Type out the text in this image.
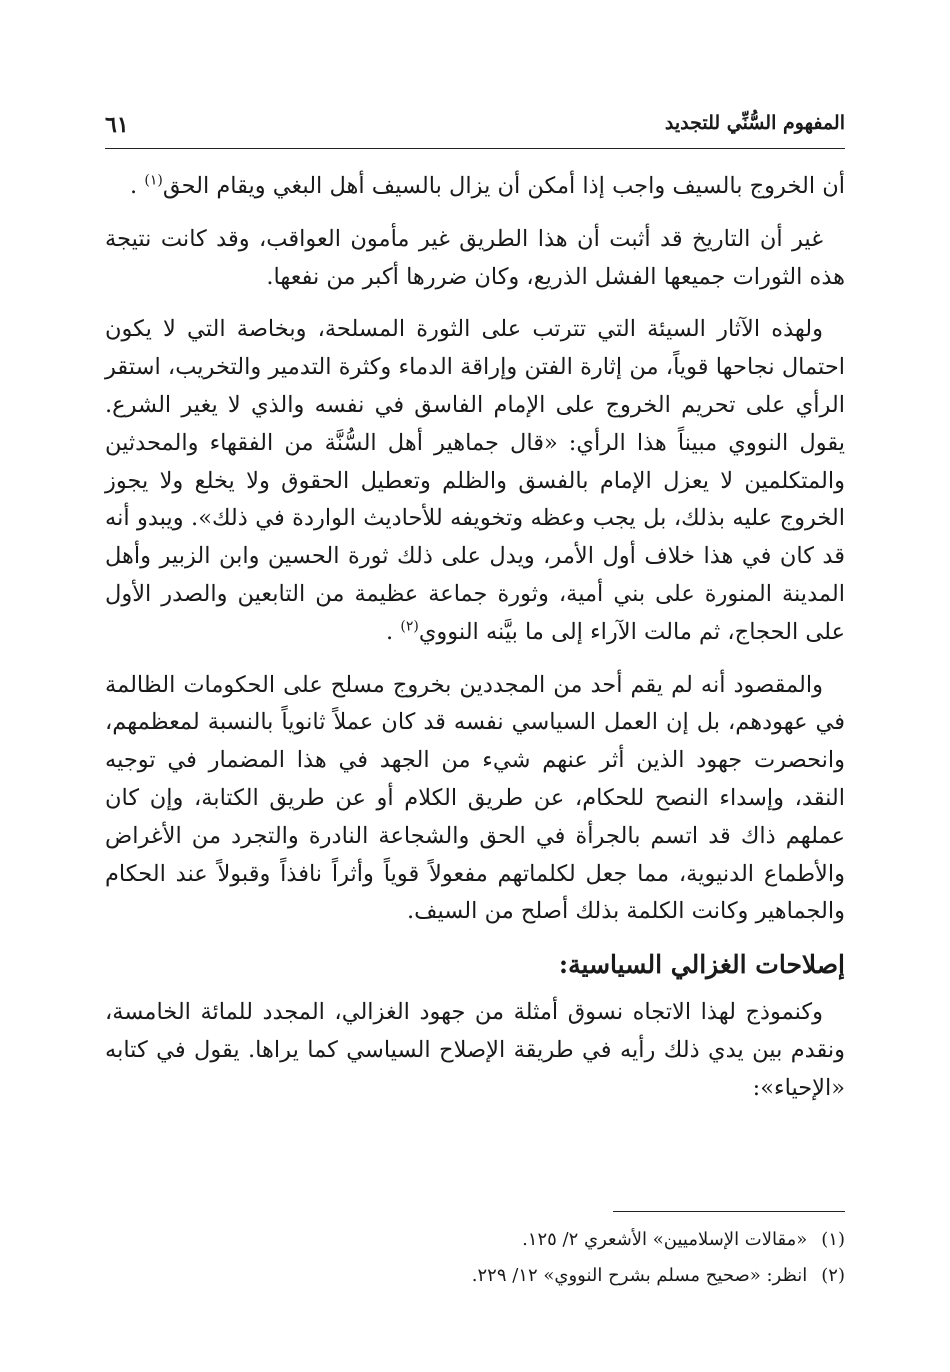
المفهوم السُّنِّي للتجديد
٦١

أن الخروج بالسيف واجب إذا أمكن أن يزال بالسيف أهل البغي ويقام الحق$^{(١)}$ .

غير أن التاريخ قد أثبت أن هذا الطريق غير مأمون العواقب، وقد كانت نتيجة هذه الثورات جميعها الفشل الذريع، وكان ضررها أكبر من نفعها.

ولهذه الآثار السيئة التي تترتب على الثورة المسلحة، وبخاصة التي لا يكون احتمال نجاحها قوياً، من إثارة الفتن وإراقة الدماء وكثرة التدمير والتخريب، استقر الرأي على تحريم الخروج على الإمام الفاسق في نفسه والذي لا يغير الشرع. يقول النووي مبيناً هذا الرأي: «قال جماهير أهل السُّنَّة من الفقهاء والمحدثين والمتكلمين لا يعزل الإمام بالفسق والظلم وتعطيل الحقوق ولا يخلع ولا يجوز الخروج عليه بذلك، بل يجب وعظه وتخويفه للأحاديث الواردة في ذلك». ويبدو أنه قد كان في هذا خلاف أول الأمر، ويدل على ذلك ثورة الحسين وابن الزبير وأهل المدينة المنورة على بني أمية، وثورة جماعة عظيمة من التابعين والصدر الأول على الحجاج، ثم مالت الآراء إلى ما بيَّنه النووي$^{(٢)}$ .

والمقصود أنه لم يقم أحد من المجددين بخروج مسلح على الحكومات الظالمة في عهودهم، بل إن العمل السياسي نفسه قد كان عملاً ثانوياً بالنسبة لمعظمهم، وانحصرت جهود الذين أثر عنهم شيء من الجهد في هذا المضمار في توجيه النقد، وإسداء النصح للحكام، عن طريق الكلام أو عن طريق الكتابة، وإن كان عملهم ذاك قد اتسم بالجرأة في الحق والشجاعة النادرة والتجرد من الأغراض والأطماع الدنيوية، مما جعل لكلماتهم مفعولاً قوياً وأثراً نافذاً وقبولاً عند الحكام والجماهير وكانت الكلمة بذلك أصلح من السيف.

إصلاحات الغزالي السياسية:

وكنموذج لهذا الاتجاه نسوق أمثلة من جهود الغزالي، المجدد للمائة الخامسة، ونقدم بين يدي ذلك رأيه في طريقة الإصلاح السياسي كما يراها. يقول في كتابه «الإحياء»:

(١)«مقالات الإسلاميين» الأشعري ٢/ ١٢٥.
(٢)انظر: «صحيح مسلم بشرح النووي» ١٢/ ٢٢٩.
